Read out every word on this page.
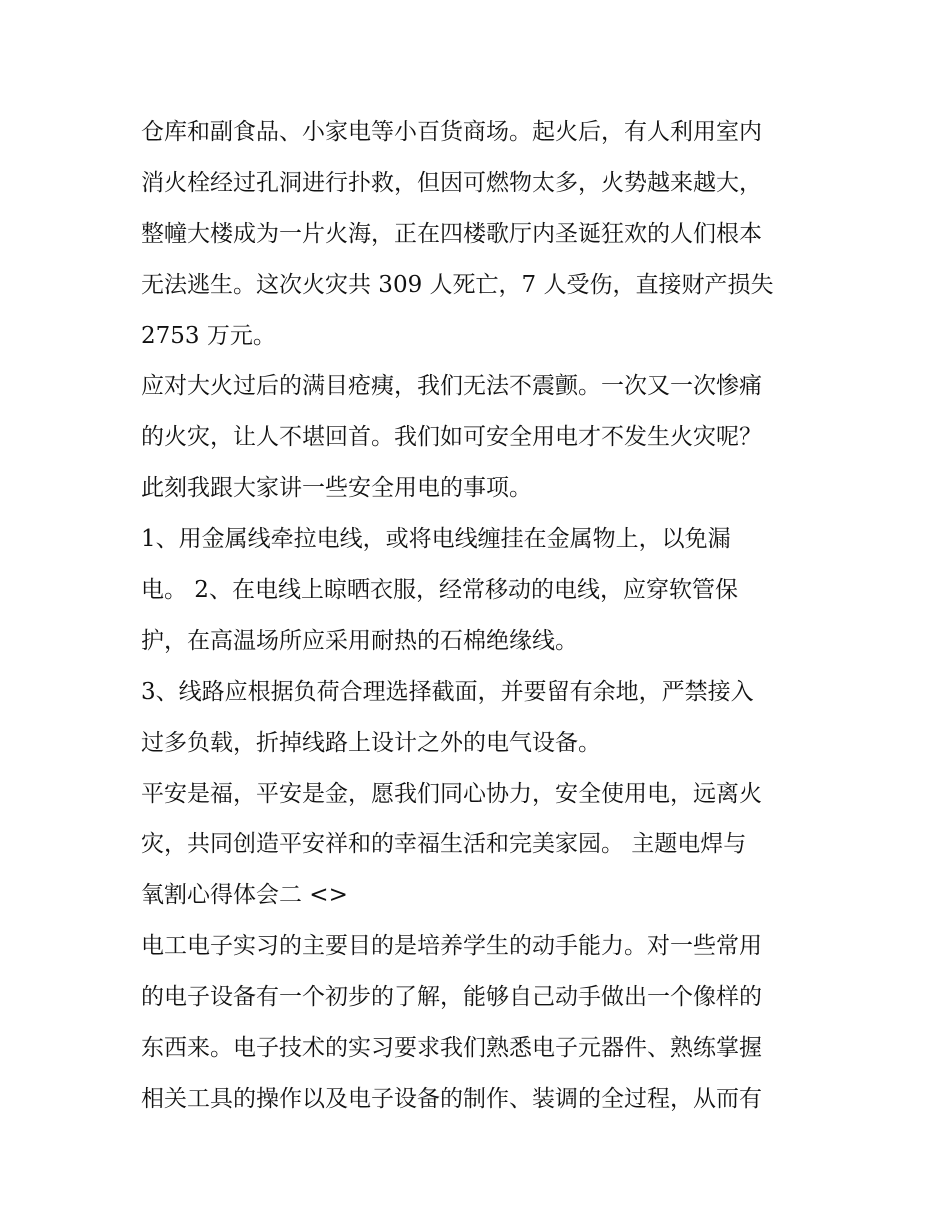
仓库和副食品、小家电等小百货商场。起火后，有人利用室内
消火栓经过孔洞进行扑救，但因可燃物太多，火势越来越大，
整幢大楼成为一片火海，正在四楼歌厅内圣诞狂欢的人们根本
无法逃生。这次火灾共 309 人死亡，7 人受伤，直接财产损失
2753 万元。
应对大火过后的满目疮痍，我们无法不震颤。一次又一次惨痛
的火灾，让人不堪回首。我们如可安全用电才不发生火灾呢？
此刻我跟大家讲一些安全用电的事项。
1、用金属线牵拉电线，或将电线缠挂在金属物上，以免漏
电。 2、在电线上晾晒衣服，经常移动的电线，应穿软管保
护，在高温场所应采用耐热的石棉绝缘线。
3、线路应根据负荷合理选择截面，并要留有余地，严禁接入
过多负载，折掉线路上设计之外的电气设备。
平安是福，平安是金，愿我们同心协力，安全使用电，远离火
灾，共同创造平安祥和的幸福生活和完美家园。 主题电焊与
氧割心得体会二 <>
电工电子实习的主要目的是培养学生的动手能力。对一些常用
的电子设备有一个初步的了解，能够自己动手做出一个像样的
东西来。电子技术的实习要求我们熟悉电子元器件、熟练掌握
相关工具的操作以及电子设备的制作、装调的全过程，从而有
